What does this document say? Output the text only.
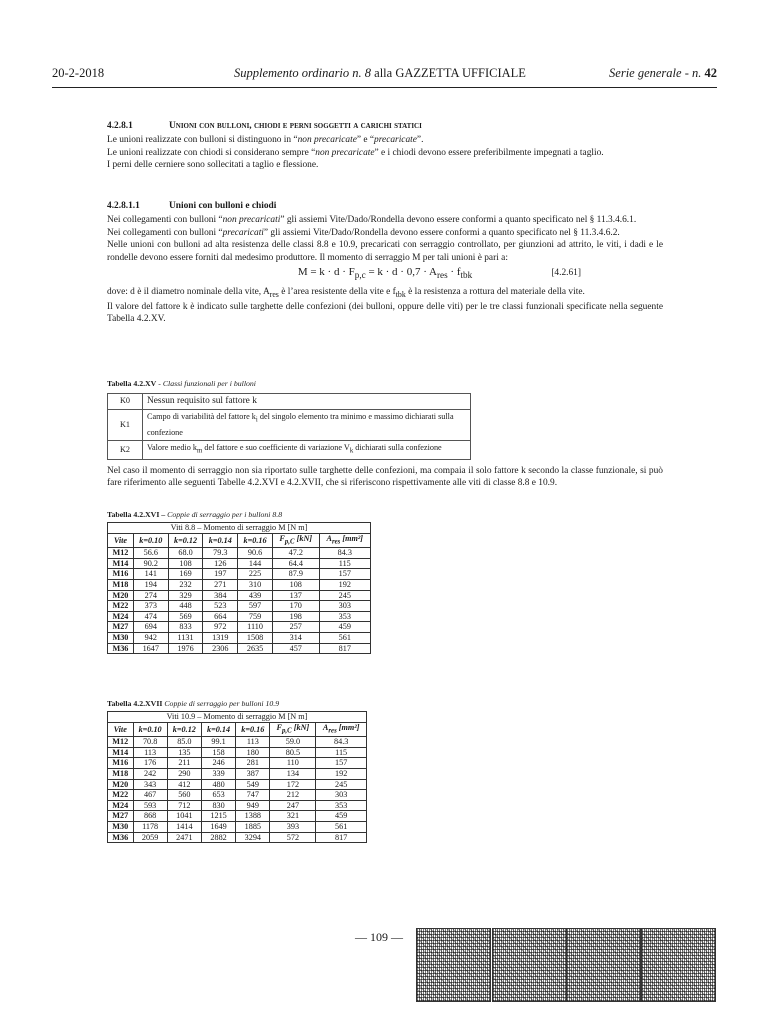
20-2-2018	Supplemento ordinario n. 8 alla GAZZETTA UFFICIALE	Serie generale - n. 42

4.2.8.1	Unioni con bulloni, chiodi e perni soggetti a carichi statici

Le unioni realizzate con bulloni si distinguono in “non precaricate” e “precaricate”.

Le unioni realizzate con chiodi si considerano sempre “non precaricate” e i chiodi devono essere preferibilmente impegnati a taglio.

I perni delle cerniere sono sollecitati a taglio e flessione.

4.2.8.1.1	Unioni con bulloni e chiodi

Nei collegamenti con bulloni “non precaricati” gli assiemi Vite/Dado/Rondella devono essere conformi a quanto specificato nel § 11.3.4.6.1.

Nei collegamenti con bulloni “precaricati” gli assiemi Vite/Dado/Rondella devono essere conformi a quanto specificato nel § 11.3.4.6.2.

Nelle unioni con bulloni ad alta resistenza delle classi 8.8 e 10.9, precaricati con serraggio controllato, per giunzioni ad attrito, le viti, i dadi e le rondelle devono essere forniti dal medesimo produttore. Il momento di serraggio M per tali unioni è pari a:

$M = k \cdot d \cdot F_{p,c} = k \cdot d \cdot 0,7 \cdot A_{res} \cdot f_{tbk}$	[4.2.61]

dove: d è il diametro nominale della vite, $A_{res}$ è l’area resistente della vite e $f_{tbk}$ è la resistenza a rottura del materiale della vite.

Il valore del fattore k è indicato sulle targhette delle confezioni (dei bulloni, oppure delle viti) per le tre classi funzionali specificate nella seguente Tabella 4.2.XV.

Tabella 4.2.XV - Classi funzionali per i bulloni
K0	Nessun requisito sul fattore k
K1	Campo di variabilità del fattore $k_i$ del singolo elemento tra minimo e massimo dichiarati sulla confezione
K2	Valore medio $k_m$ del fattore e suo coefficiente di variazione $V_k$ dichiarati sulla confezione

Nel caso il momento di serraggio non sia riportato sulle targhette delle confezioni, ma compaia il solo fattore k secondo la classe funzionale, si può fare riferimento alle seguenti Tabelle 4.2.XVI e 4.2.XVII, che si riferiscono rispettivamente alle viti di classe 8.8 e 10.9.

Tabella 4.2.XVI – Coppie di serraggio per i bulloni 8.8
Viti 8.8 – Momento di serraggio M [N m]						
Vite	k=0.10	k=0.12	k=0.14	k=0.16	$F_{p,C}$ [kN]	$A_{res}$ [mm²]
M12	56.6	68.0	79.3	90.6	47.2	84.3
M14	90.2	108	126	144	64.4	115
M16	141	169	197	225	87.9	157
M18	194	232	271	310	108	192
M20	274	329	384	439	137	245
M22	373	448	523	597	170	303
M24	474	569	664	759	198	353
M27	694	833	972	1110	257	459
M30	942	1131	1319	1508	314	561
M36	1647	1976	2306	2635	457	817
Tabella 4.2.XVII Coppie di serraggio per bulloni 10.9
Viti 10.9 – Momento di serraggio M [N m]						
Vite	k=0.10	k=0.12	k=0.14	k=0.16	$F_{p,C}$ [kN]	$A_{res}$ [mm²]
M12	70.8	85.0	99.1	113	59.0	84.3
M14	113	135	158	180	80.5	115
M16	176	211	246	281	110	157
M18	242	290	339	387	134	192
M20	343	412	480	549	172	245
M22	467	560	653	747	212	303
M24	593	712	830	949	247	353
M27	868	1041	1215	1388	321	459
M30	1178	1414	1649	1885	393	561
M36	2059	2471	2882	3294	572	817
— 109 —
